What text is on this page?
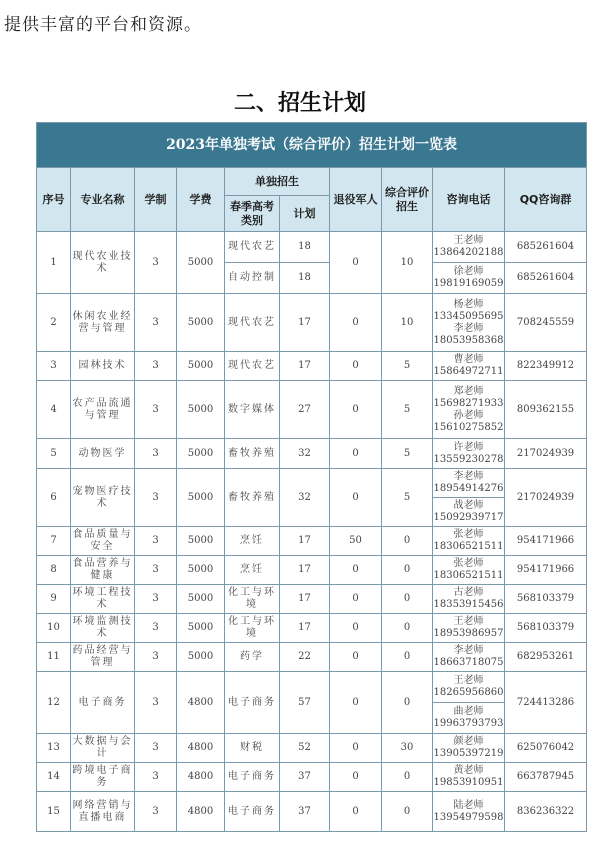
提供丰富的平台和资源。
二、招生计划
2023年单独考试（综合评价）招生计划一览表									
序号	专业名称	学制	学费	单独招生		退役军人	综合评价招生	咨询电话	QQ咨询群
				春季高考类别	计划				
1	现代农业技术	3	5000	现代农艺	18	0	10	王老师 13864202188	685261604
				自动控制	18			徐老师 19819169059	685261604
2	休闲农业经营与管理	3	5000	现代农艺	17	0	10	杨老师 13345095695 李老师 18053958368	708245559
3	园林技术	3	5000	现代农艺	17	0	5	曹老师 15864972711	822349912
4	农产品流通与管理	3	5000	数字媒体	27	0	5	郑老师 15698271933 孙老师 15610275852	809362155
5	动物医学	3	5000	畜牧养殖	32	0	5	许老师 13559230278	217024939
6	宠物医疗技术	3	5000	畜牧养殖	32	0	5	李老师 18954914276	217024939
								战老师 15092939717	
7	食品质量与安全	3	5000	烹饪	17	50	0	张老师 18306521511	954171966
8	食品营养与健康	3	5000	烹饪	17	0	0	张老师 18306521511	954171966
9	环境工程技术	3	5000	化工与环境	17	0	0	古老师 18353915456	568103379
10	环境监测技术	3	5000	化工与环境	17	0	0	王老师 18953986957	568103379
11	药品经营与管理	3	5000	药学	22	0	0	李老师 18663718075	682953261
12	电子商务	3	4800	电子商务	57	0	0	王老师 18265956860	724413286
								曲老师 19963793793	
13	大数据与会计	3	4800	财税	52	0	30	颜老师 13905397219	625076042
14	跨境电子商务	3	4800	电子商务	37	0	0	黄老师 19853910951	663787945
15	网络营销与直播电商	3	4800	电子商务	37	0	0	陆老师 13954979598	836236322
